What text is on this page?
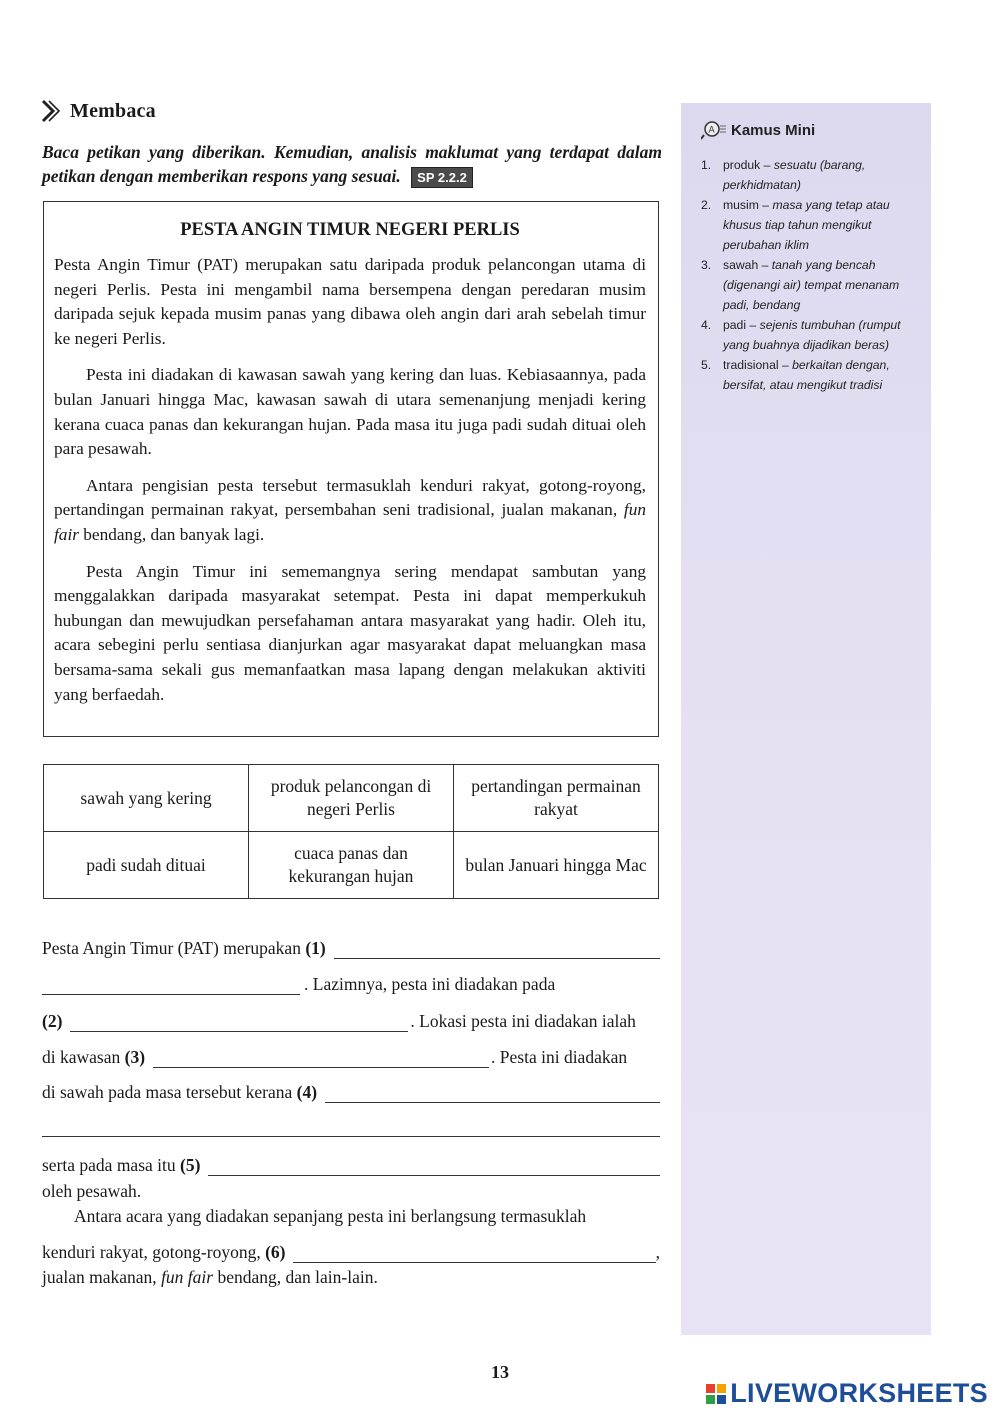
Membaca
Baca petikan yang diberikan. Kemudian, analisis maklumat yang terdapat dalam petikan dengan memberikan respons yang sesuai. SP 2.2.2
PESTA ANGIN TIMUR NEGERI PERLIS

Pesta Angin Timur (PAT) merupakan satu daripada produk pelancongan utama di negeri Perlis. Pesta ini mengambil nama bersempena dengan peredaran musim daripada sejuk kepada musim panas yang dibawa oleh angin dari arah sebelah timur ke negeri Perlis.

Pesta ini diadakan di kawasan sawah yang kering dan luas. Kebiasaannya, pada bulan Januari hingga Mac, kawasan sawah di utara semenanjung menjadi kering kerana cuaca panas dan kekurangan hujan. Pada masa itu juga padi sudah dituai oleh para pesawah.

Antara pengisian pesta tersebut termasuklah kenduri rakyat, gotong-royong, pertandingan permainan rakyat, persembahan seni tradisional, jualan makanan, fun fair bendang, dan banyak lagi.

Pesta Angin Timur ini sememangnya sering mendapat sambutan yang menggalakkan daripada masyarakat setempat. Pesta ini dapat memperkukuh hubungan dan mewujudkan persefahaman antara masyarakat yang hadir. Oleh itu, acara sebegini perlu sentiasa dianjurkan agar masyarakat dapat meluangkan masa bersama-sama sekali gus memanfaatkan masa lapang dengan melakukan aktiviti yang berfaedah.

sawah yang kering	produk pelancongan di negeri Perlis	pertandingan permainan rakyat
padi sudah dituai	cuaca panas dan kekurangan hujan	bulan Januari hingga Mac
Pesta Angin Timur (PAT) merupakan
(1)
. Lazimnya, pesta ini diadakan pada
(2)	. Lokasi pesta ini diadakan ialah
di kawasan
(3)	. Pesta ini diadakan
di sawah pada masa tersebut kerana
(4)
serta pada masa itu
(5)
oleh pesawah.
Antara acara yang diadakan sepanjang pesta ini berlangsung termasuklah
kenduri rakyat, gotong-royong,
(6)	,
jualan makanan,
fun fair
bendang, dan lain-lain.
A Kamus Mini
1. produk – sesuatu (barang, perkhidmatan)
2. musim – masa yang tetap atau khusus tiap tahun mengikut perubahan iklim
3. sawah – tanah yang bencah (digenangi air) tempat menanam padi, bendang
4. padi – sejenis tumbuhan (rumput yang buahnya dijadikan beras)
5. tradisional – berkaitan dengan, bersifat, atau mengikut tradisi
13
LIVEWORKSHEETS
